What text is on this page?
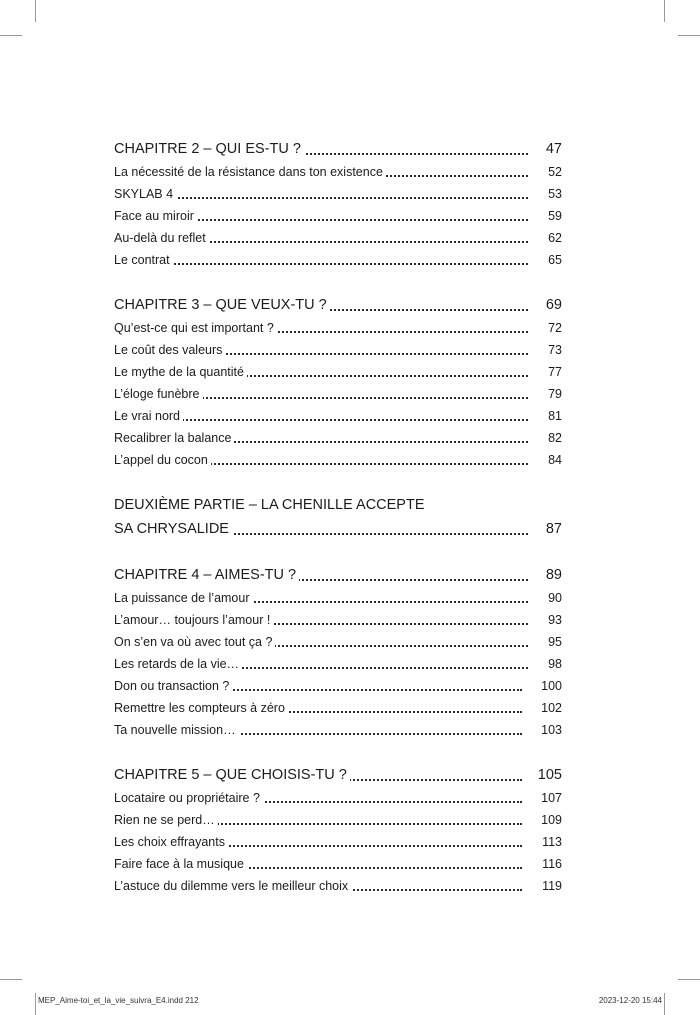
CHAPITRE 2 – QUI ES-TU ?	47
La nécessité de la résistance dans ton existence	52
SKYLAB 4	53
Face au miroir	59
Au-delà du reflet	62
Le contrat	65
CHAPITRE 3 – QUE VEUX-TU ?	69
Qu’est-ce qui est important ?	72
Le coût des valeurs	73
Le mythe de la quantité	77
L’éloge funèbre	79
Le vrai nord	81
Recalibrer la balance	82
L’appel du cocon	84
DEUXIÈME PARTIE – LA CHENILLE ACCEPTE
SA CHRYSALIDE	87
CHAPITRE 4 – AIMES-TU ?	89
La puissance de l’amour	90
L’amour… toujours l’amour !	93
On s’en va où avec tout ça ?	95
Les retards de la vie…	98
Don ou transaction ?	100
Remettre les compteurs à zéro	102
Ta nouvelle mission…	103
CHAPITRE 5 – QUE CHOISIS-TU ?	105
Locataire ou propriétaire ?	107
Rien ne se perd…	109
Les choix effrayants	113
Faire face à la musique	116
L’astuce du dilemme vers le meilleur choix	119
MEP_Aime-toi_et_la_vie_suivra_E4.indd 212	2023-12-20 15:44
